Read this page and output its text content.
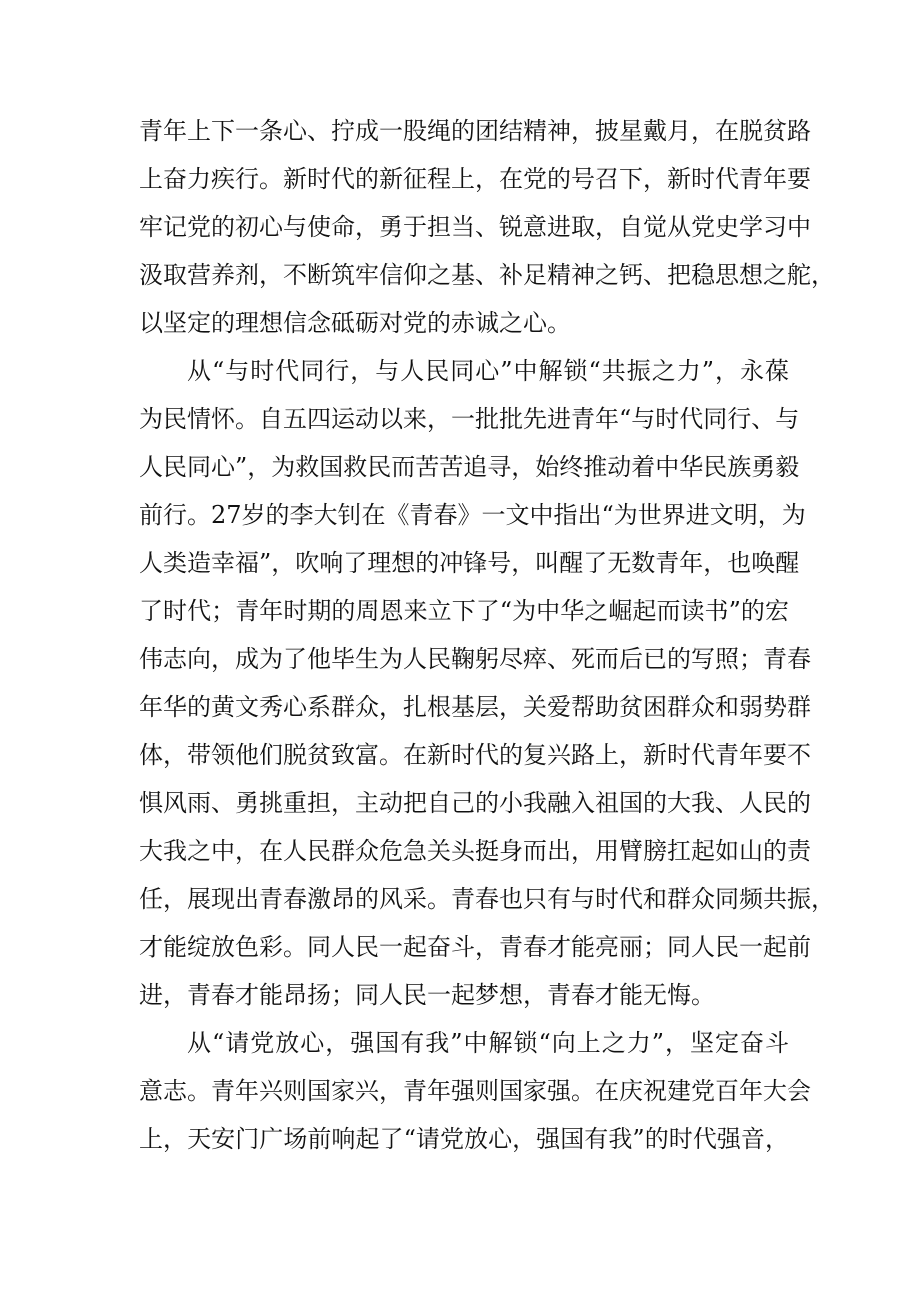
青年上下一条心、拧成一股绳的团结精神，披星戴月，在脱贫路
上奋力疾行。新时代的新征程上，在党的号召下，新时代青年要
牢记党的初心与使命，勇于担当、锐意进取，自觉从党史学习中
汲取营养剂，不断筑牢信仰之基、补足精神之钙、把稳思想之舵，
以坚定的理想信念砥砺对党的赤诚之心。
从“与时代同行，与人民同心”中解锁“共振之力”，永葆
为民情怀。自五四运动以来，一批批先进青年“与时代同行、与
人民同心”，为救国救民而苦苦追寻，始终推动着中华民族勇毅
前行。27岁的李大钊在《青春》一文中指出“为世界进文明，为
人类造幸福”，吹响了理想的冲锋号，叫醒了无数青年，也唤醒
了时代；青年时期的周恩来立下了“为中华之崛起而读书”的宏
伟志向，成为了他毕生为人民鞠躬尽瘁、死而后已的写照；青春
年华的黄文秀心系群众，扎根基层，关爱帮助贫困群众和弱势群
体，带领他们脱贫致富。在新时代的复兴路上，新时代青年要不
惧风雨、勇挑重担，主动把自己的小我融入祖国的大我、人民的
大我之中，在人民群众危急关头挺身而出，用臂膀扛起如山的责
任，展现出青春激昂的风采。青春也只有与时代和群众同频共振，
才能绽放色彩。同人民一起奋斗，青春才能亮丽；同人民一起前
进，青春才能昂扬；同人民一起梦想，青春才能无悔。
从“请党放心，强国有我”中解锁“向上之力”，坚定奋斗
意志。青年兴则国家兴，青年强则国家强。在庆祝建党百年大会
上，天安门广场前响起了“请党放心，强国有我”的时代强音，
